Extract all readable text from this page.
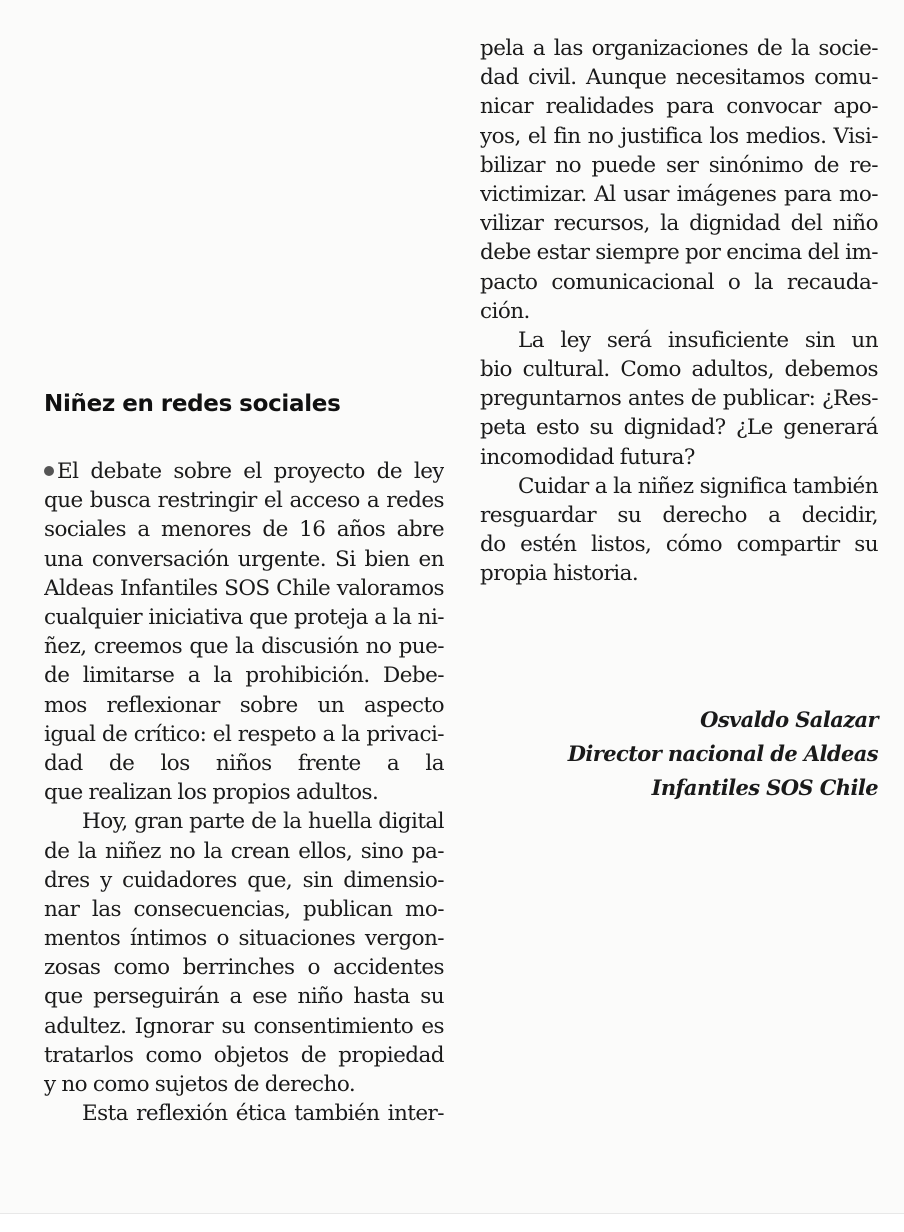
Niñez en redes sociales
El debate sobre el proyecto de ley
que busca restringir el acceso a redes
sociales a menores de 16 años abre
una conversación urgente. Si bien en
Aldeas Infantiles SOS Chile valoramos
cualquier iniciativa que proteja a la ni-
ñez, creemos que la discusión no pue-
de limitarse a la prohibición. Debe-
mos reflexionar sobre un aspecto
igual de crítico: el respeto a la privaci-
dad de los niños frente a la
que realizan los propios adultos.
Hoy, gran parte de la huella digital
de la niñez no la crean ellos, sino pa-
dres y cuidadores que, sin dimensio-
nar las consecuencias, publican mo-
mentos íntimos o situaciones vergon-
zosas como berrinches o accidentes
que perseguirán a ese niño hasta su
adultez. Ignorar su consentimiento es
tratarlos como objetos de propiedad
y no como sujetos de derecho.
Esta reflexión ética también inter-
pela a las organizaciones de la socie-
dad civil. Aunque necesitamos comu-
nicar realidades para convocar apo-
yos, el fin no justifica los medios. Visi-
bilizar no puede ser sinónimo de re-
victimizar. Al usar imágenes para mo-
vilizar recursos, la dignidad del niño
debe estar siempre por encima del im-
pacto comunicacional o la recauda-
ción.
La ley será insuficiente sin un
bio cultural. Como adultos, debemos
preguntarnos antes de publicar: ¿Res-
peta esto su dignidad? ¿Le generará
incomodidad futura?
Cuidar a la niñez significa también
resguardar su derecho a decidir,
do estén listos, cómo compartir su
propia historia.
Osvaldo Salazar
Director nacional de Aldeas
Infantiles SOS Chile
